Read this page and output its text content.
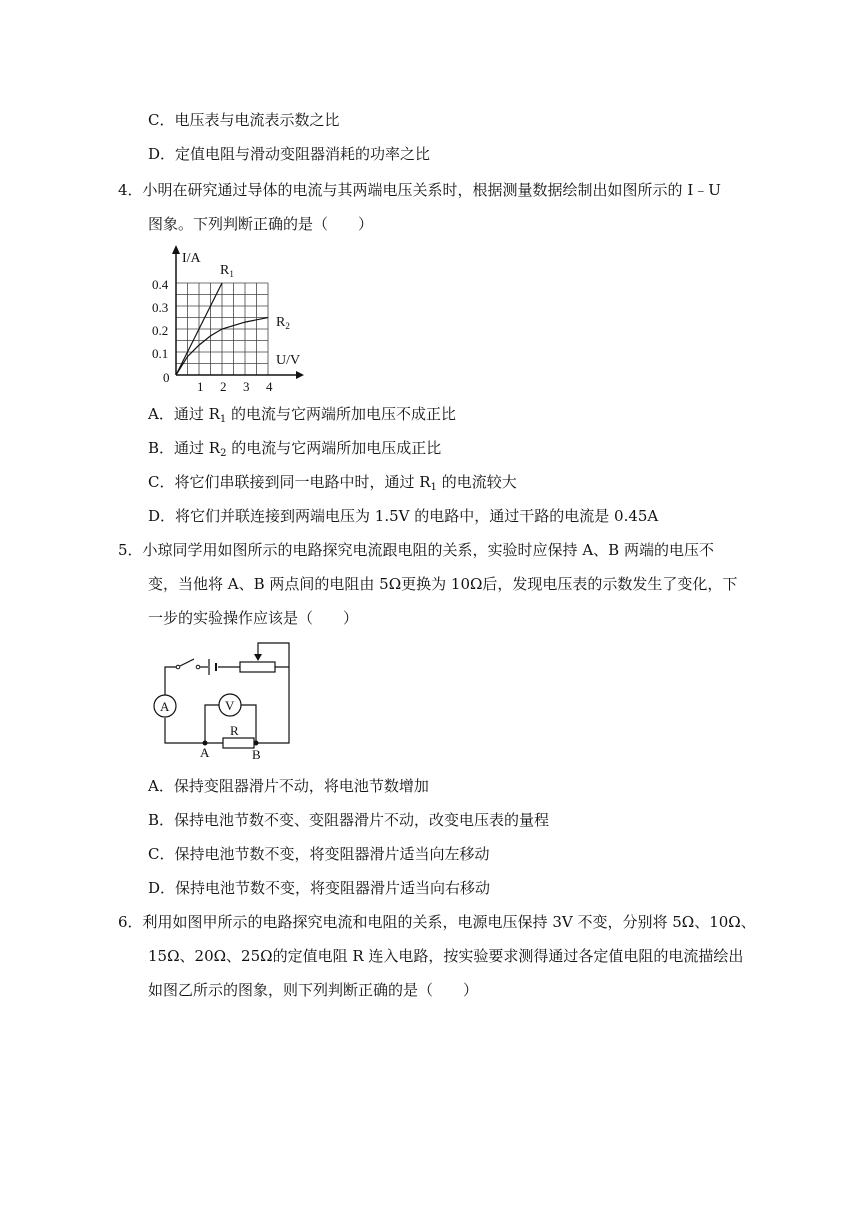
C．电压表与电流表示数之比
D．定值电阻与滑动变阻器消耗的功率之比
4．小明在研究通过导体的电流与其两端电压关系时，根据测量数据绘制出如图所示的 I﹣U
图象。下列判断正确的是（　　）
I/A
U/V
0
0.4
0.3
0.2
0.1
1 2 3 4
$R_1$
$R_2$
A．通过 $R_1$ 的电流与它两端所加电压不成正比
B．通过 $R_2$ 的电流与它两端所加电压成正比
C．将它们串联接到同一电路中时，通过 $R_1$ 的电流较大
D．将它们并联连接到两端电压为 1.5V 的电路中，通过干路的电流是 0.45A
5．小琼同学用如图所示的电路探究电流跟电阻的关系，实验时应保持 A、B 两端的电压不
变，当他将 A、B 两点间的电阻由 5Ω更换为 10Ω后，发现电压表的示数发生了变化，下
一步的实验操作应该是（　　）
A	V
R
A	B
A．保持变阻器滑片不动，将电池节数增加
B．保持电池节数不变、变阻器滑片不动，改变电压表的量程
C．保持电池节数不变，将变阻器滑片适当向左移动
D．保持电池节数不变，将变阻器滑片适当向右移动
6．利用如图甲所示的电路探究电流和电阻的关系，电源电压保持 3V 不变，分别将 5Ω、10Ω、
15Ω、20Ω、25Ω的定值电阻 R 连入电路，按实验要求测得通过各定值电阻的电流描绘出
如图乙所示的图象，则下列判断正确的是（　　）
